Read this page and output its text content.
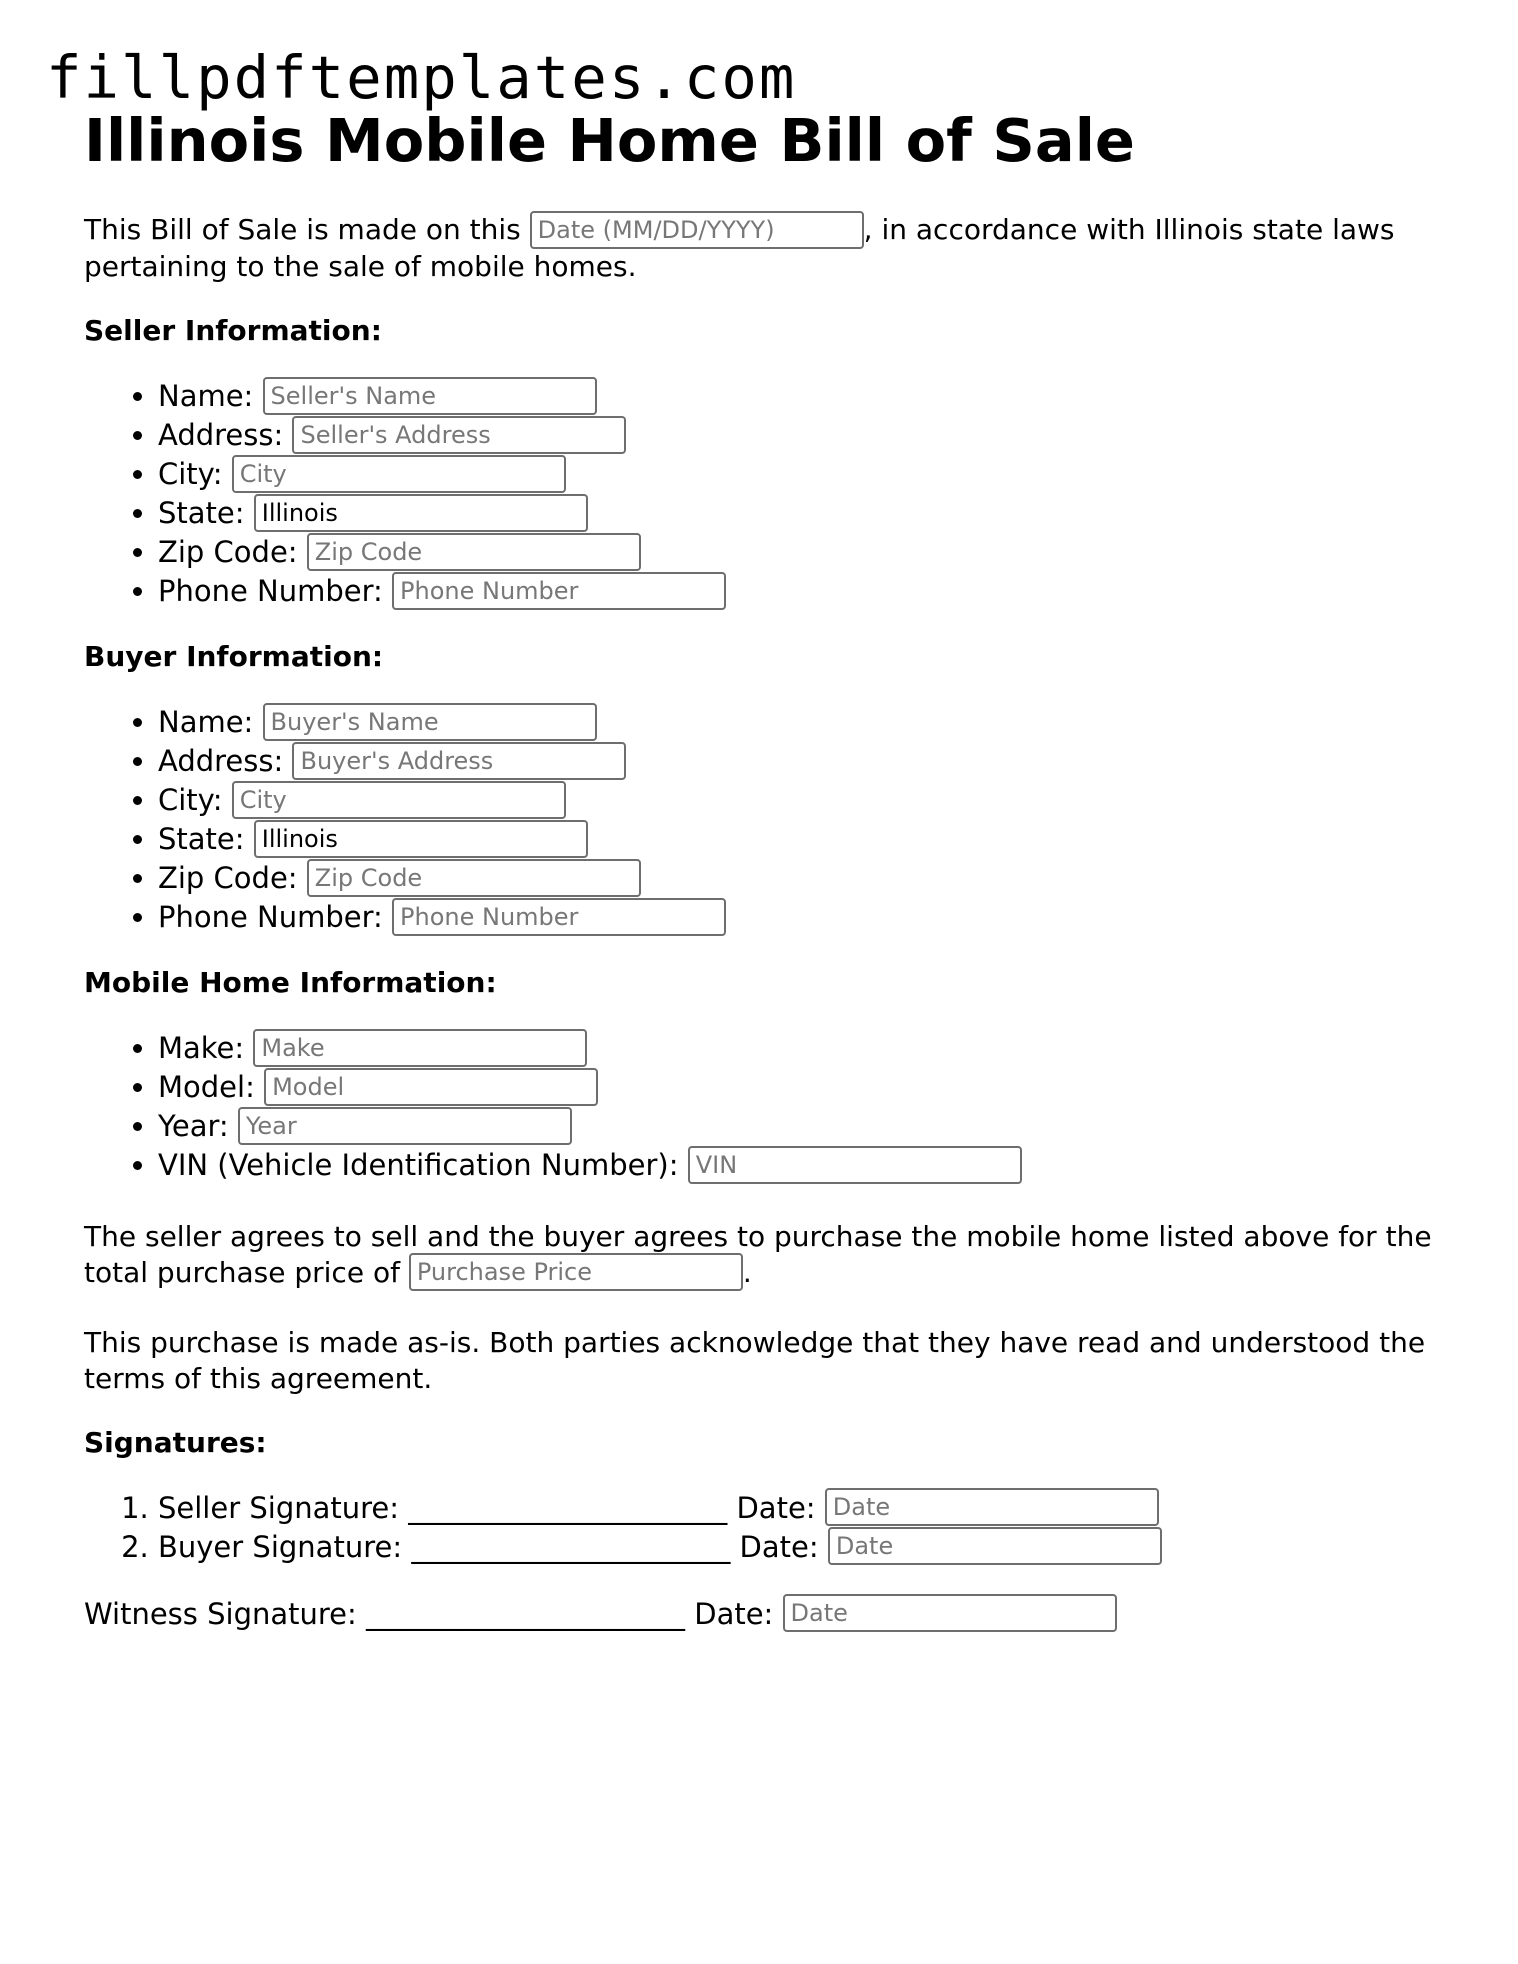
fillpdftemplates.com
Illinois Mobile Home Bill of Sale

This Bill of Sale is made on this Date (MM/DD/YYYY)	, in accordance with Illinois state laws pertaining to the sale of mobile homes.

Seller Information:
• Name: Seller's Name
• Address: Seller's Address
• City: City
• State: Illinois
• Zip Code: Zip Code
• Phone Number: Phone Number
Buyer Information:
• Name: Buyer's Name
• Address: Buyer's Address
• City: City
• State: Illinois
• Zip Code: Zip Code
• Phone Number: Phone Number
Mobile Home Information:
• Make: Make
• Model: Model
• Year: Year
• VIN (Vehicle Identification Number): VIN

The seller agrees to sell and the buyer agrees to purchase the mobile home listed above for the total purchase price of Purchase Price	.

This purchase is made as-is. Both parties acknowledge that they have read and understood the terms of this agreement.

Signatures:
1. Seller Signature: ______________________ Date: Date
2. Buyer Signature: ______________________ Date: Date
Witness Signature: ______________________ Date: Date
